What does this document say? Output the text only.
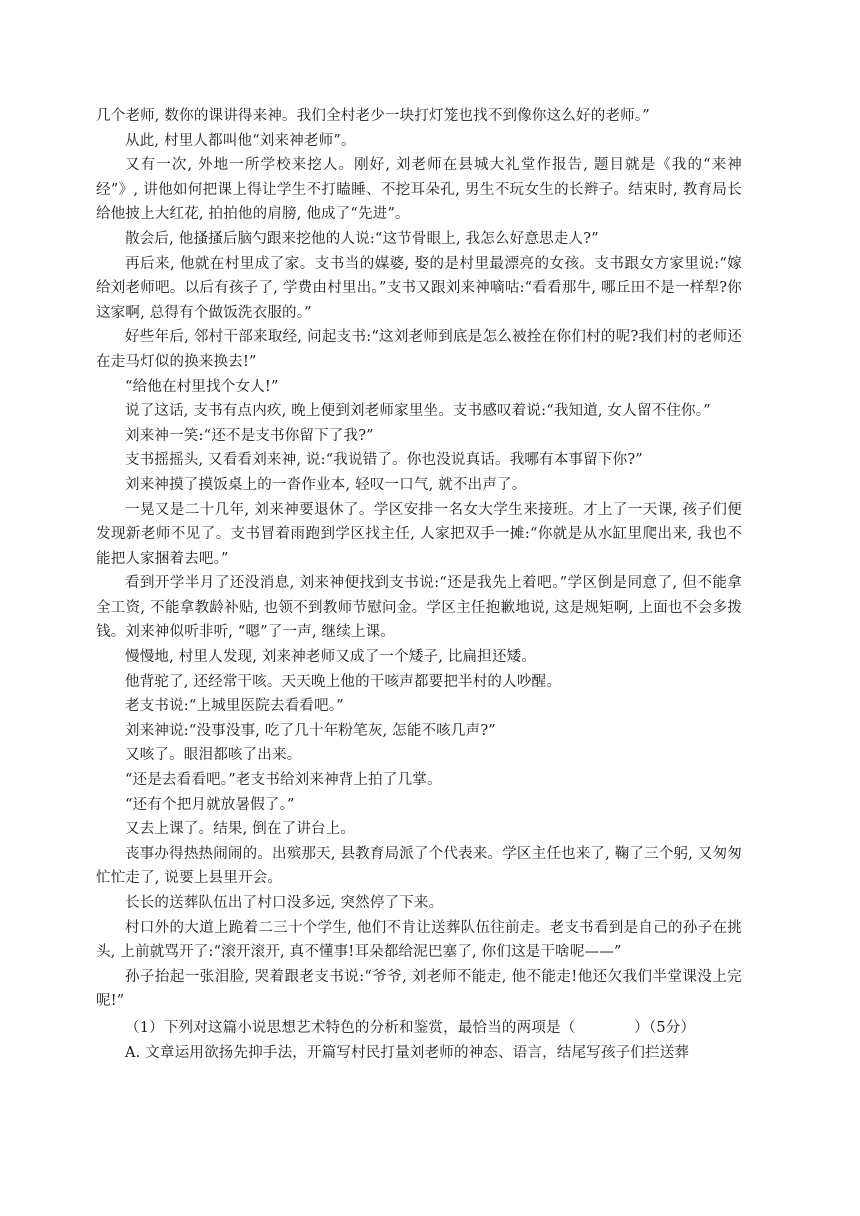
几个老师, 数你的课讲得来神。我们全村老少一块打灯笼也找不到像你这么好的老师。”

从此, 村里人都叫他“刘来神老师”。

又有一次, 外地一所学校来挖人。刚好, 刘老师在县城大礼堂作报告, 题目就是《我的“来神经”》, 讲他如何把课上得让学生不打瞌睡、不挖耳朵孔, 男生不玩女生的长辫子。结束时, 教育局长给他披上大红花, 拍拍他的肩膀, 他成了“先进”。

散会后, 他搔搔后脑勺跟来挖他的人说:“这节骨眼上, 我怎么好意思走人?”

再后来, 他就在村里成了家。支书当的媒婆, 娶的是村里最漂亮的女孩。支书跟女方家里说:“嫁给刘老师吧。以后有孩子了, 学费由村里出。”支书又跟刘来神嘀咕:“看看那牛, 哪丘田不是一样犁?你这家啊, 总得有个做饭洗衣服的。”

好些年后, 邻村干部来取经, 问起支书:“这刘老师到底是怎么被拴在你们村的呢?我们村的老师还在走马灯似的换来换去!”

“给他在村里找个女人!”

说了这话, 支书有点内疚, 晚上便到刘老师家里坐。支书感叹着说:“我知道, 女人留不住你。”

刘来神一笑:“还不是支书你留下了我?”

支书摇摇头, 又看看刘来神, 说:“我说错了。你也没说真话。我哪有本事留下你?”

刘来神摸了摸饭桌上的一沓作业本, 轻叹一口气, 就不出声了。

一晃又是二十几年, 刘来神要退休了。学区安排一名女大学生来接班。才上了一天课, 孩子们便发现新老师不见了。支书冒着雨跑到学区找主任, 人家把双手一摊:“你就是从水缸里爬出来, 我也不能把人家捆着去吧。”

看到开学半月了还没消息, 刘来神便找到支书说:“还是我先上着吧。”学区倒是同意了, 但不能拿全工资, 不能拿教龄补贴, 也领不到教师节慰问金。学区主任抱歉地说, 这是规矩啊, 上面也不会多拨钱。刘来神似听非听, “嗯”了一声, 继续上课。

慢慢地, 村里人发现, 刘来神老师又成了一个矮子, 比扁担还矮。

他背驼了, 还经常干咳。天天晚上他的干咳声都要把半村的人吵醒。

老支书说:“上城里医院去看看吧。”

刘来神说:“没事没事, 吃了几十年粉笔灰, 怎能不咳几声?”

又咳了。眼泪都咳了出来。

“还是去看看吧。”老支书给刘来神背上拍了几掌。

“还有个把月就放暑假了。”

又去上课了。结果, 倒在了讲台上。

丧事办得热热闹闹的。出殡那天, 县教育局派了个代表来。学区主任也来了, 鞠了三个躬, 又匆匆忙忙走了, 说要上县里开会。

长长的送葬队伍出了村口没多远, 突然停了下来。

村口外的大道上跪着二三十个学生, 他们不肯让送葬队伍往前走。老支书看到是自己的孙子在挑头, 上前就骂开了:“滚开滚开, 真不懂事!耳朵都给泥巴塞了, 你们这是干啥呢——”

孙子抬起一张泪脸, 哭着跟老支书说:“爷爷, 刘老师不能走, 他不能走!他还欠我们半堂课没上完呢!”

（1）下列对这篇小说思想艺术特色的分析和鉴赏，最恰当的两项是（　　　　）（5分）

A. 文章运用欲扬先抑手法，开篇写村民打量刘老师的神态、语言，结尾写孩子们拦送葬
